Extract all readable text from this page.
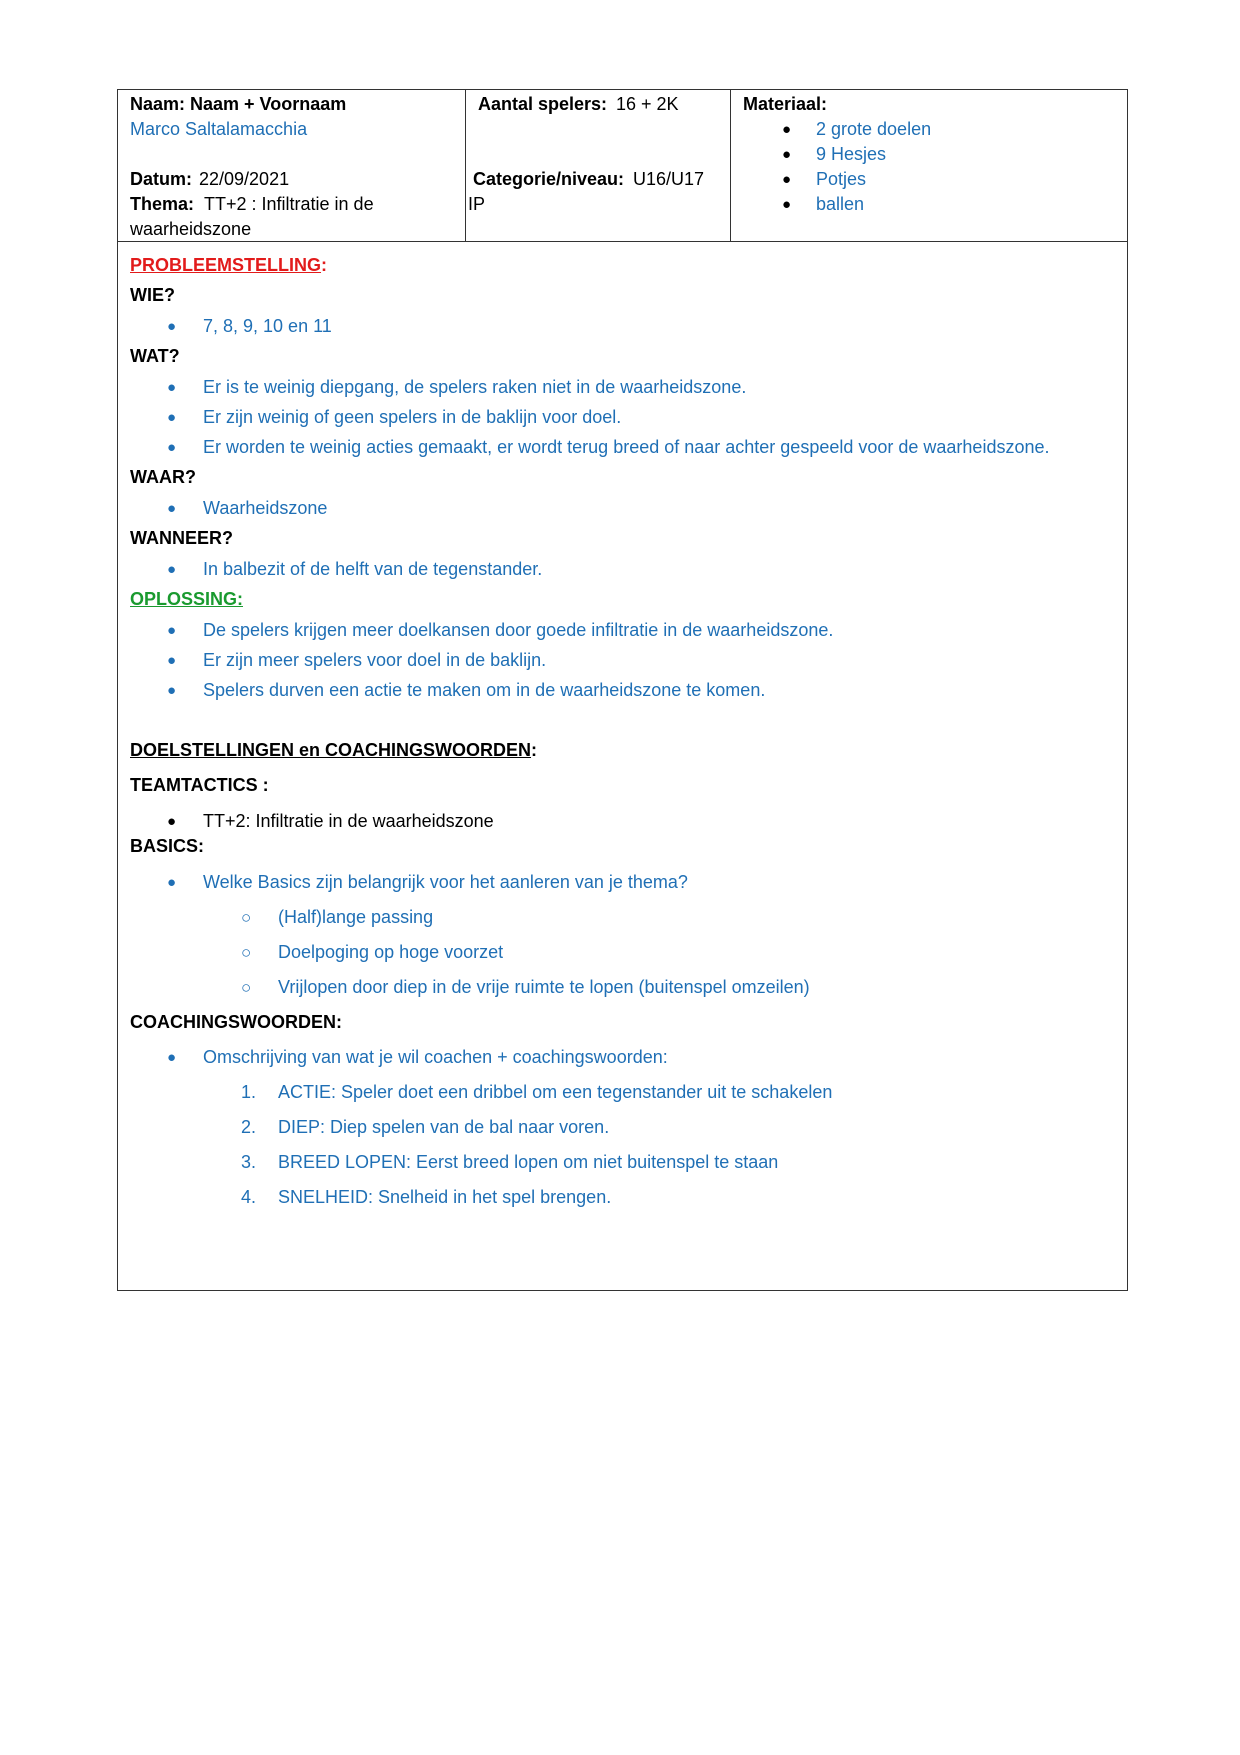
Naam: Naam + Voornaam
Marco Saltalamacchia
Datum: 22/09/2021
Thema: TT+2 : Infiltratie in de
waarheidszone
Aantal spelers: 16 + 2K
Categorie/niveau: U16/U17
IP
Materiaal:
● 2 grote doelen
● 9 Hesjes
● Potjes
● ballen
PROBLEEMSTELLING:
WIE?
● 7, 8, 9, 10 en 11
WAT?
● Er is te weinig diepgang, de spelers raken niet in de waarheidszone.
● Er zijn weinig of geen spelers in de baklijn voor doel.
● Er worden te weinig acties gemaakt, er wordt terug breed of naar achter gespeeld voor de waarheidszone.
WAAR?
● Waarheidszone
WANNEER?
● In balbezit of de helft van de tegenstander.
OPLOSSING:
● De spelers krijgen meer doelkansen door goede infiltratie in de waarheidszone.
● Er zijn meer spelers voor doel in de baklijn.
● Spelers durven een actie te maken om in de waarheidszone te komen.
DOELSTELLINGEN en COACHINGSWOORDEN:
TEAMTACTICS :
● TT+2: Infiltratie in de waarheidszone
BASICS:
● Welke Basics zijn belangrijk voor het aanleren van je thema?
○ (Half)lange passing
○ Doelpoging op hoge voorzet
○ Vrijlopen door diep in de vrije ruimte te lopen (buitenspel omzeilen)
COACHINGSWOORDEN:
● Omschrijving van wat je wil coachen + coachingswoorden:
1. ACTIE: Speler doet een dribbel om een tegenstander uit te schakelen
2. DIEP: Diep spelen van de bal naar voren.
3. BREED LOPEN: Eerst breed lopen om niet buitenspel te staan
4. SNELHEID: Snelheid in het spel brengen.
